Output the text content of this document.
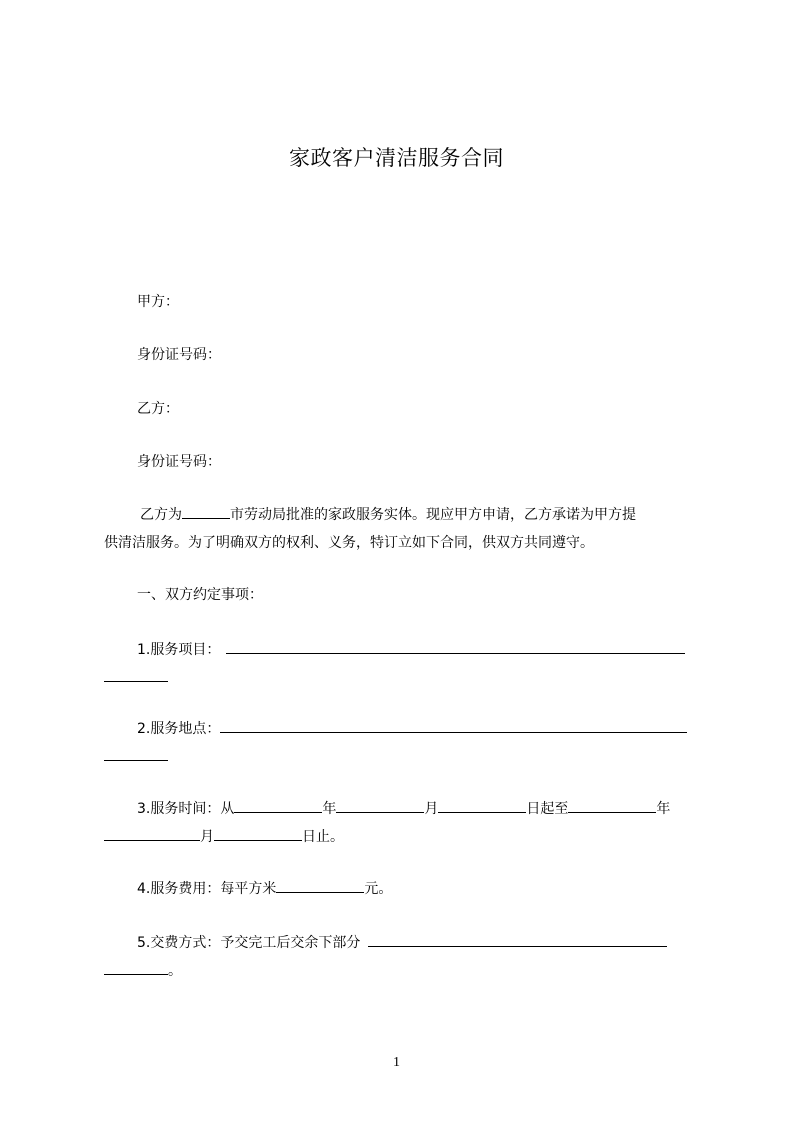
家政客户清洁服务合同
甲方：
身份证号码：
乙方：
身份证号码：
乙方为	市劳动局批准的家政服务实体。现应甲方申请，乙方承诺为甲方提
供清洁服务。为了明确双方的权利、义务，特订立如下合同，供双方共同遵守。
一、双方约定事项：
1.服务项目：
2.服务地点：
3.服务时间：从	年	月	日起至	年
月	日止。
4.服务费用：每平方米	元。
5.交费方式：予交完工后交余下部分
。
1
